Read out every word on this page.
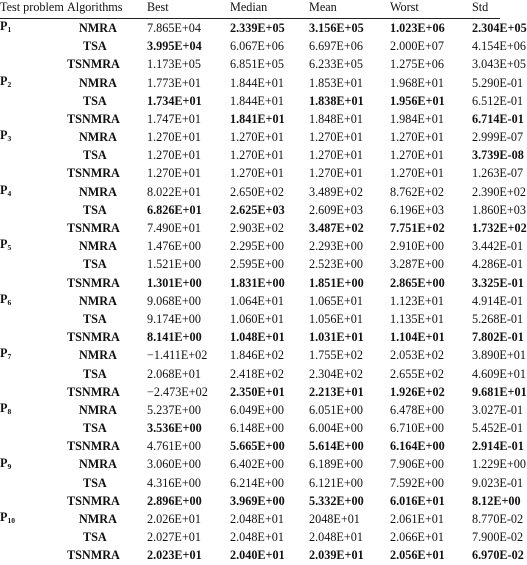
Test problem	Algorithms	Best	Median	Mean	Worst	Std
P1	NMRA	7.865E+04	2.339E+05	3.156E+05	1.023E+06	2.304E+05
	TSA	3.995E+04	6.067E+06	6.697E+06	2.000E+07	4.154E+06
	TSNMRA	1.173E+05	6.851E+05	6.233E+05	1.275E+06	3.043E+05
P2	NMRA	1.773E+01	1.844E+01	1.853E+01	1.968E+01	5.290E-01
	TSA	1.734E+01	1.844E+01	1.838E+01	1.956E+01	6.512E-01
	TSNMRA	1.747E+01	1.841E+01	1.848E+01	1.984E+01	6.714E-01
P3	NMRA	1.270E+01	1.270E+01	1.270E+01	1.270E+01	2.999E-07
	TSA	1.270E+01	1.270E+01	1.270E+01	1.270E+01	3.739E-08
	TSNMRA	1.270E+01	1.270E+01	1.270E+01	1.270E+01	1.263E-07
P4	NMRA	8.022E+01	2.650E+02	3.489E+02	8.762E+02	2.390E+02
	TSA	6.826E+01	2.625E+03	2.609E+03	6.196E+03	1.860E+03
	TSNMRA	7.490E+01	2.903E+02	3.487E+02	7.751E+02	1.732E+02
P5	NMRA	1.476E+00	2.295E+00	2.293E+00	2.910E+00	3.442E-01
	TSA	1.521E+00	2.595E+00	2.523E+00	3.287E+00	4.286E-01
	TSNMRA	1.301E+00	1.831E+00	1.851E+00	2.865E+00	3.325E-01
P6	NMRA	9.068E+00	1.064E+01	1.065E+01	1.123E+01	4.914E-01
	TSA	9.174E+00	1.060E+01	1.056E+01	1.135E+01	5.268E-01
	TSNMRA	8.141E+00	1.048E+01	1.031E+01	1.104E+01	7.802E-01
P7	NMRA	−1.411E+02	1.846E+02	1.755E+02	2.053E+02	3.890E+01
	TSA	2.068E+01	2.418E+02	2.304E+02	2.655E+02	4.609E+01
	TSNMRA	−2.473E+02	2.350E+01	2.213E+01	1.926E+02	9.681E+01
P8	NMRA	5.237E+00	6.049E+00	6.051E+00	6.478E+00	3.027E-01
	TSA	3.536E+00	6.148E+00	6.004E+00	6.710E+00	5.452E-01
	TSNMRA	4.761E+00	5.665E+00	5.614E+00	6.164E+00	2.914E-01
P9	NMRA	3.060E+00	6.402E+00	6.189E+00	7.906E+00	1.229E+00
	TSA	4.316E+00	6.214E+00	6.121E+00	7.592E+00	9.023E-01
	TSNMRA	2.896E+00	3.969E+00	5.332E+00	6.016E+01	8.12E+00
P10	NMRA	2.026E+01	2.048E+01	2048E+01	2.061E+01	8.770E-02
	TSA	2.027E+01	2.048E+01	2.048E+01	2.066E+01	7.900E-02
	TSNMRA	2.023E+01	2.040E+01	2.039E+01	2.056E+01	6.970E-02
